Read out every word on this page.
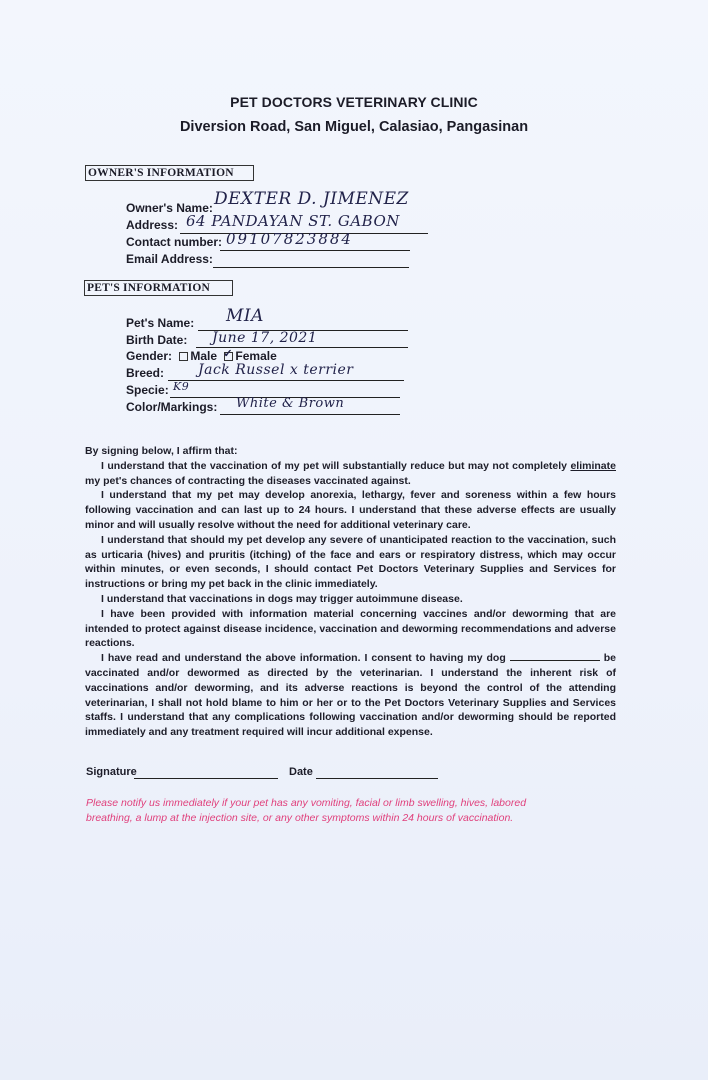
PET DOCTORS VETERINARY CLINIC
Diversion Road, San Miguel, Calasiao, Pangasinan
OWNER'S INFORMATION
Owner's Name: DEXTER D. JIMENEZ
Address: 64 PANDAYAN ST. GABON
Contact number: 09107823884
Email Address:
PET'S INFORMATION
Pet's Name: MIA
Birth Date: June 17, 2021
Gender: Male ✓ Female
Breed: Jack Russel x terrier
Specie: K9
Color/Markings: White & Brown

By signing below, I affirm that:

I understand that the vaccination of my pet will substantially reduce but may not completely eliminate my pet's chances of contracting the diseases vaccinated against.

I understand that my pet may develop anorexia, lethargy, fever and soreness within a few hours following vaccination and can last up to 24 hours. I understand that these adverse effects are usually minor and will usually resolve without the need for additional veterinary care.

I understand that should my pet develop any severe of unanticipated reaction to the vaccination, such as urticaria (hives) and pruritis (itching) of the face and ears or respiratory distress, which may occur within minutes, or even seconds, I should contact Pet Doctors Veterinary Supplies and Services for instructions or bring my pet back in the clinic immediately.

I understand that vaccinations in dogs may trigger autoimmune disease.

I have been provided with information material concerning vaccines and/or deworming that are intended to protect against disease incidence, vaccination and deworming recommendations and adverse reactions.

I have read and understand the above information. I consent to having my dog	be vaccinated and/or dewormed as directed by the veterinarian. I understand the inherent risk of vaccinations and/or deworming, and its adverse reactions is beyond the control of the attending veterinarian, I shall not hold blame to him or her or to the Pet Doctors Veterinary Supplies and Services staffs. I understand that any complications following vaccination and/or deworming should be reported immediately and any treatment required will incur additional expense.

Signature	Date
Please notify us immediately if your pet has any vomiting, facial or limb swelling, hives, labored breathing, a lump at the injection site, or any other symptoms within 24 hours of vaccination.
